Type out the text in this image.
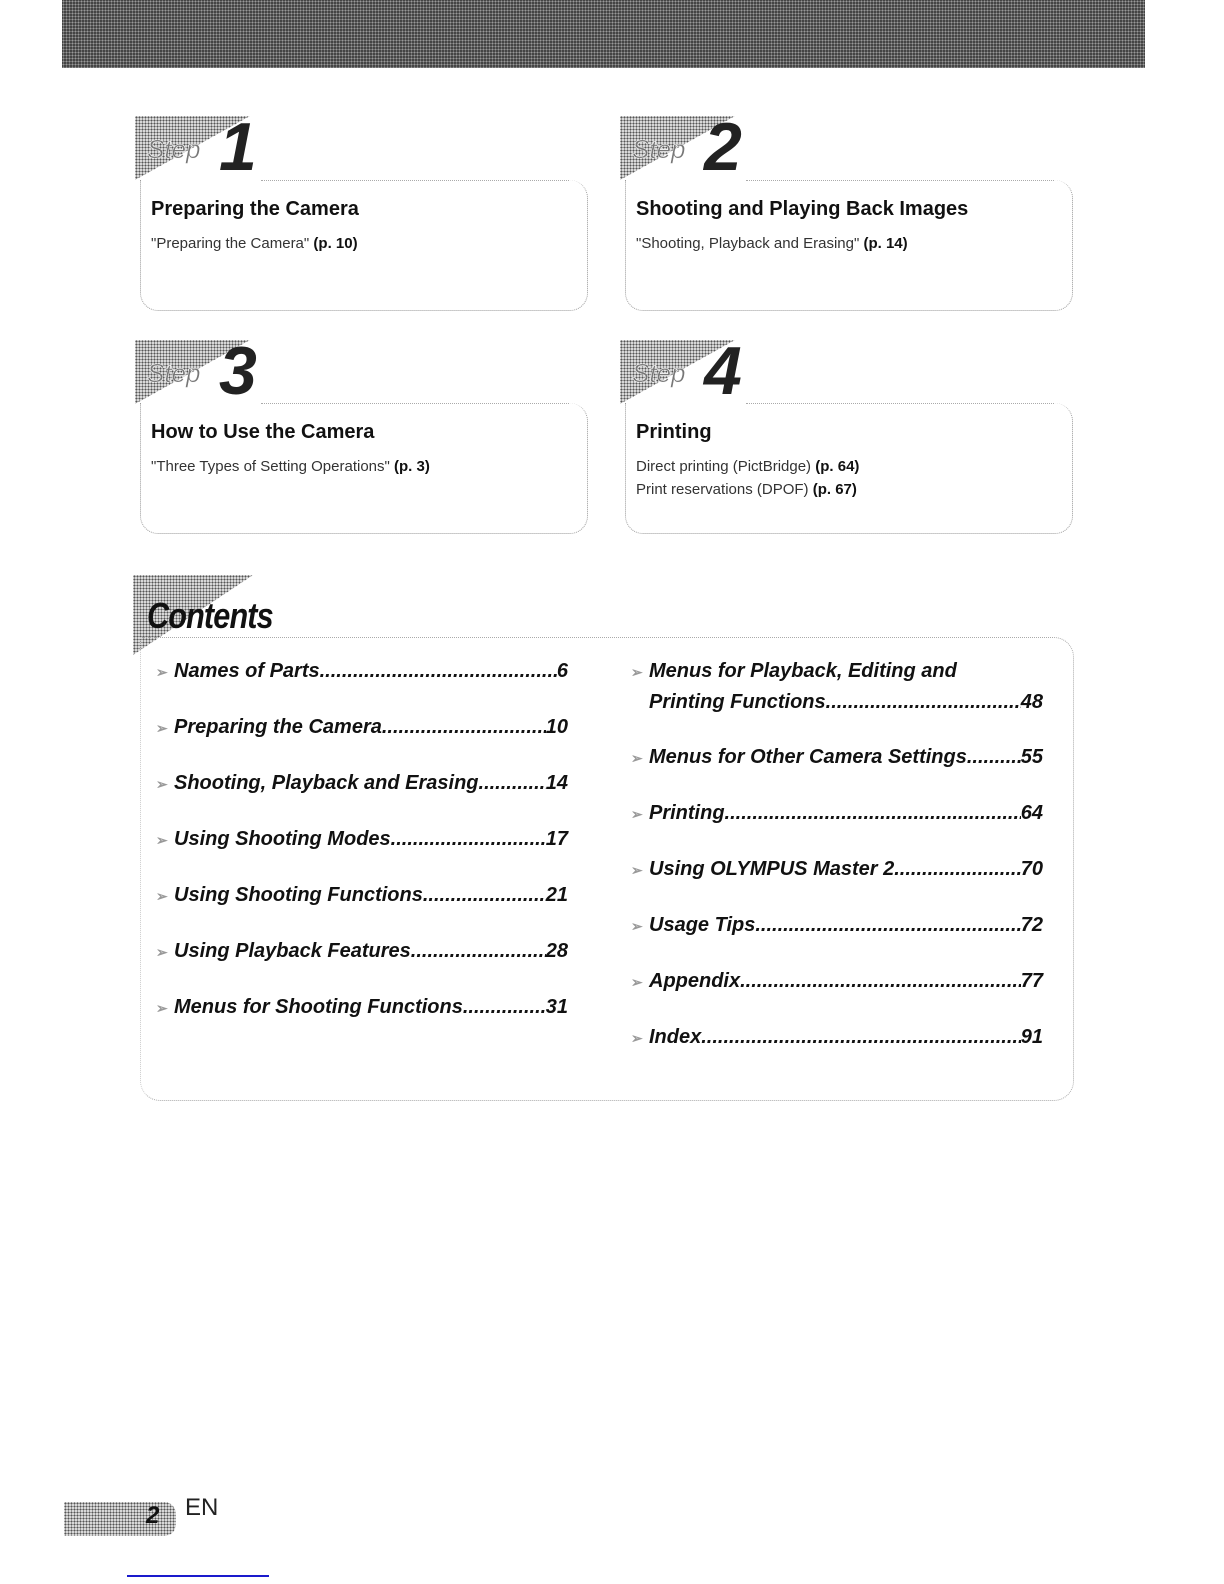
Preparing the Camera
"Preparing the Camera" (p. 10)
Step 1
Shooting and Playing Back Images
"Shooting, Playback and Erasing" (p. 14)
Step 2
How to Use the Camera
"Three Types of Setting Operations" (p. 3)
Step 3
Printing
Direct printing (PictBridge) (p. 64)
Print reservations (DPOF) (p. 67)
Step 4
Contents
➢ Names of Parts .....	6
➢ Preparing the Camera .....	10
➢ Shooting, Playback and Erasing .....	14
➢ Using Shooting Modes .....	17
➢ Using Shooting Functions .....	21
➢ Using Playback Features .....	28
➢ Menus for Shooting Functions .....	31
➢ Menus for Playback, Editing and
Printing Functions .....	48
➢ Menus for Other Camera Settings .....	55
➢ Printing .....	64
➢ Using OLYMPUS Master 2 .....	70
➢ Usage Tips .....	72
➢ Appendix .....	77
➢ Index .....	91
2 EN
